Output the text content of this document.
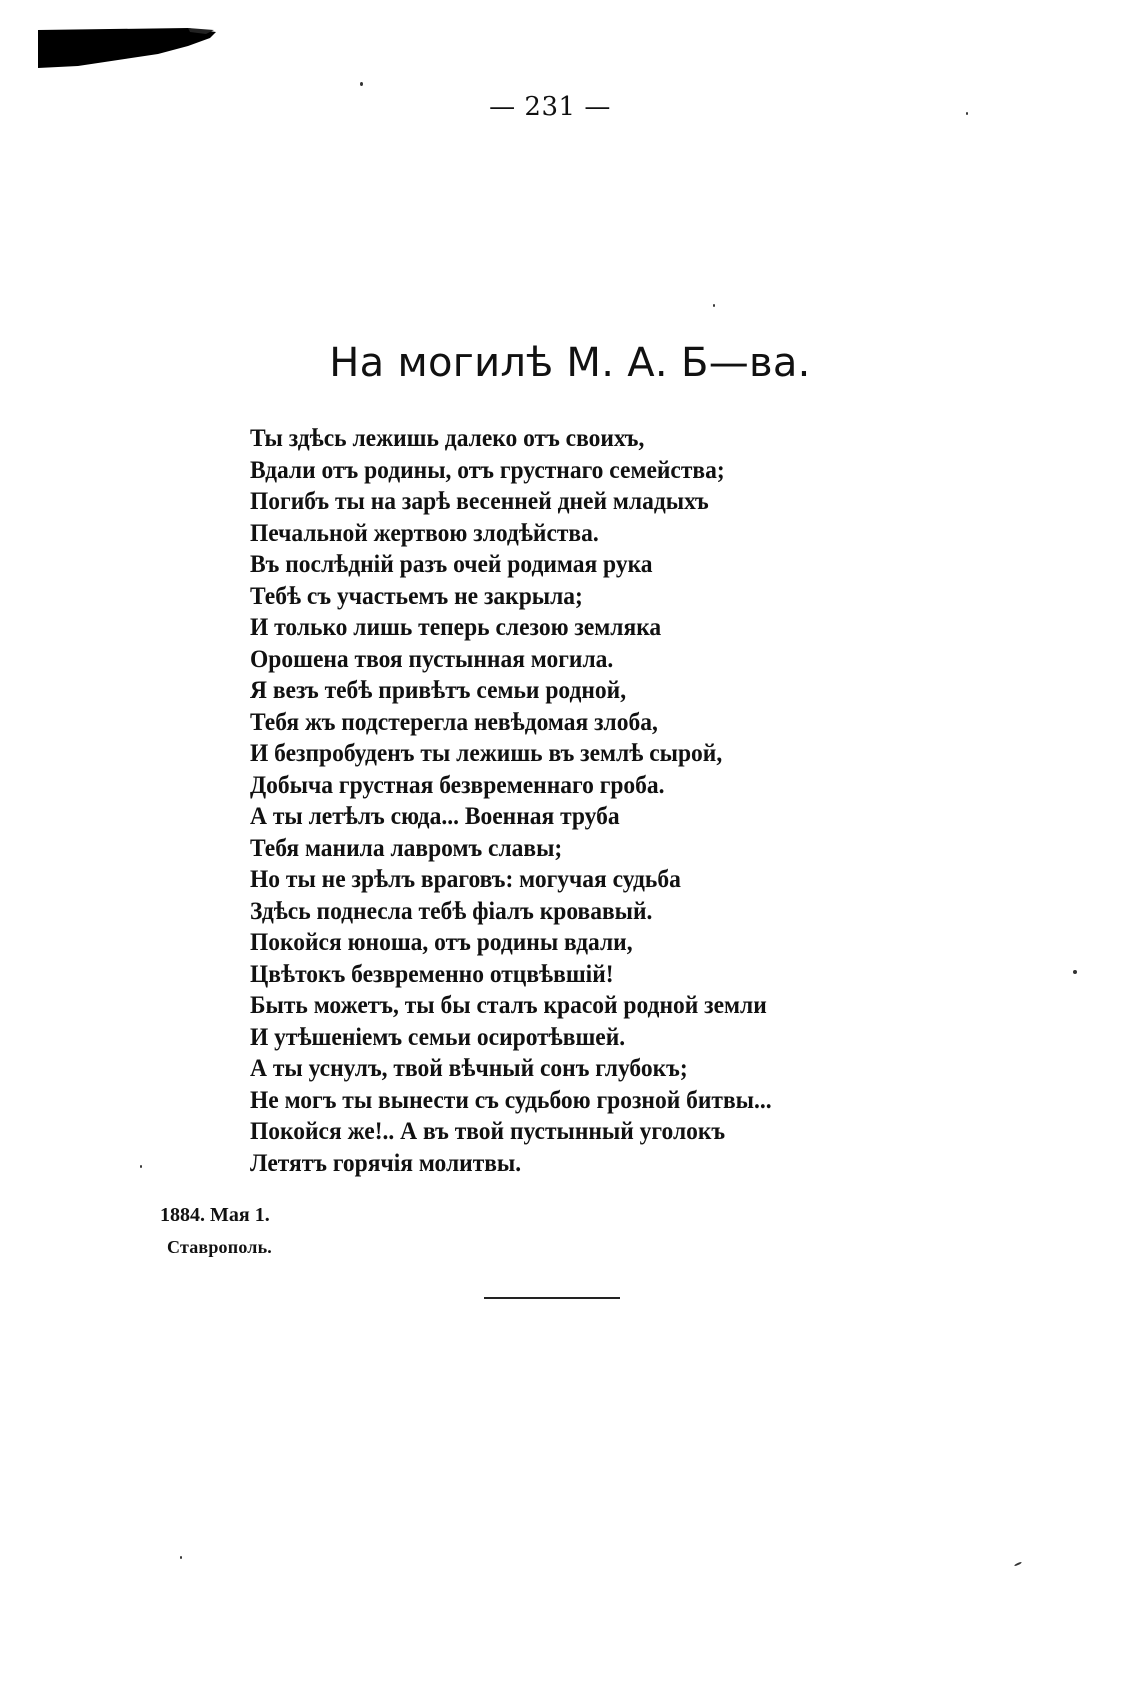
— 231 —
На могилѣ М. А. Б—ва.
Ты здѣсь лежишь далеко отъ своихъ,
Вдали отъ родины, отъ грустнаго семейства;
Погибъ ты на зарѣ весенней дней младыхъ
Печальной жертвою злодѣйства.
Въ послѣднiй разъ очей родимая рука
Тебѣ съ участьемъ не закрыла;
И только лишь теперь слезою земляка
Орошена твоя пустынная могила.
Я везъ тебѣ привѣтъ семьи родной,
Тебя жъ подстерегла невѣдомая злоба,
И безпробуденъ ты лежишь въ землѣ сырой,
Добыча грустная безвременнаго гроба.
А ты летѣлъ сюда... Военная труба
Тебя манила лавромъ славы;
Но ты не зрѣлъ враговъ: могучая судьба
Здѣсь поднесла тебѣ фiалъ кровавый.
Покойся юноша, отъ родины вдали,
Цвѣтокъ безвременно отцвѣвшiй!
Быть можетъ, ты бы сталъ красой родной земли
И утѣшенiемъ семьи осиротѣвшей.
А ты уснулъ, твой вѣчный сонъ глубокъ;
Не могъ ты вынести съ судьбою грозной битвы...
Покойся же!.. А въ твой пустынный уголокъ
Летятъ горячiя молитвы.
1884. Мая 1.
Ставрополь.
